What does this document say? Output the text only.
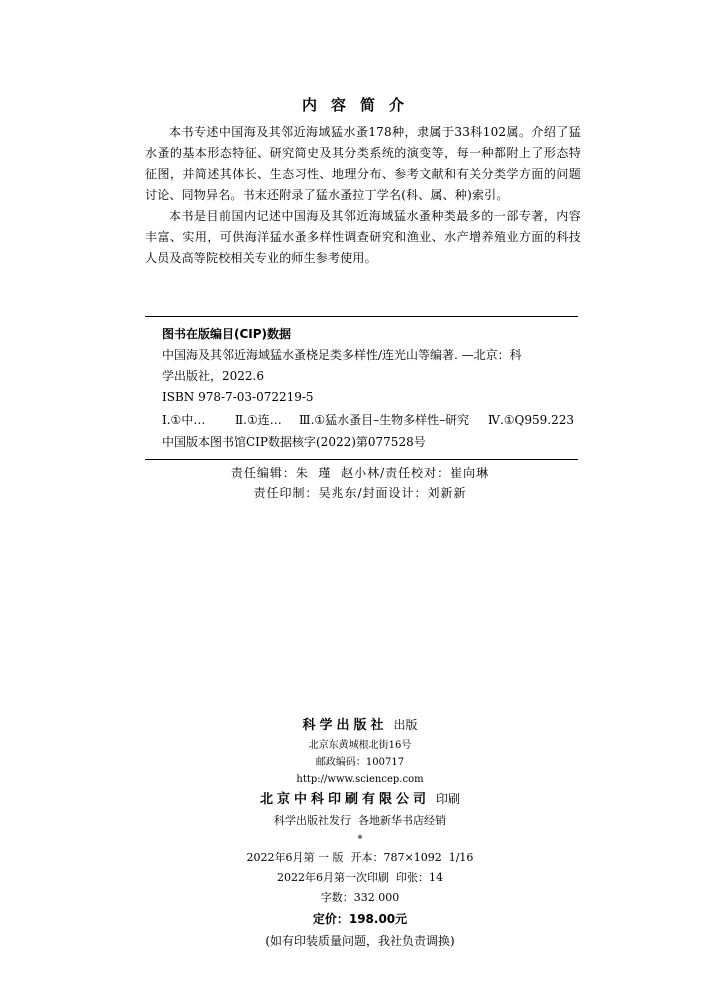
内容简介

本书专述中国海及其邻近海域猛水蚤178种，隶属于33科102属。介绍了猛水蚤的基本形态特征、研究简史及其分类系统的演变等，每一种都附上了形态特征图，并简述其体长、生态习性、地理分布、参考文献和有关分类学方面的问题讨论、同物异名。书末还附录了猛水蚤拉丁学名(科、属、种)索引。

本书是目前国内记述中国海及其邻近海域猛水蚤种类最多的一部专著，内容丰富、实用，可供海洋猛水蚤多样性调查研究和渔业、水产增养殖业方面的科技人员及高等院校相关专业的师生参考使用。

图书在版编目(CIP)数据
中国海及其邻近海域猛水蚤桡足类多样性/连光山等编著. —北京：科
学出版社，2022.6
ISBN 978-7-03-072219-5
Ⅰ.①中…	Ⅱ.①连…	Ⅲ.①猛水蚤目–生物多样性–研究	Ⅳ.①Q959.223
中国版本图书馆CIP数据核字(2022)第077528号
责任编辑：朱  瑾  赵小林/责任校对：崔向琳
责任印制：吴兆东/封面设计：刘新新
科学出版社 出版
北京东黄城根北街16号
邮政编码：100717
http://www.sciencep.com
北京中科印刷有限公司 印刷
科学出版社发行  各地新华书店经销
*
2022年6月第 一 版  开本：787×1092  1/16
2022年6月第一次印刷  印张：14
字数：332 000
定价：198.00元
(如有印装质量问题，我社负责调换)
